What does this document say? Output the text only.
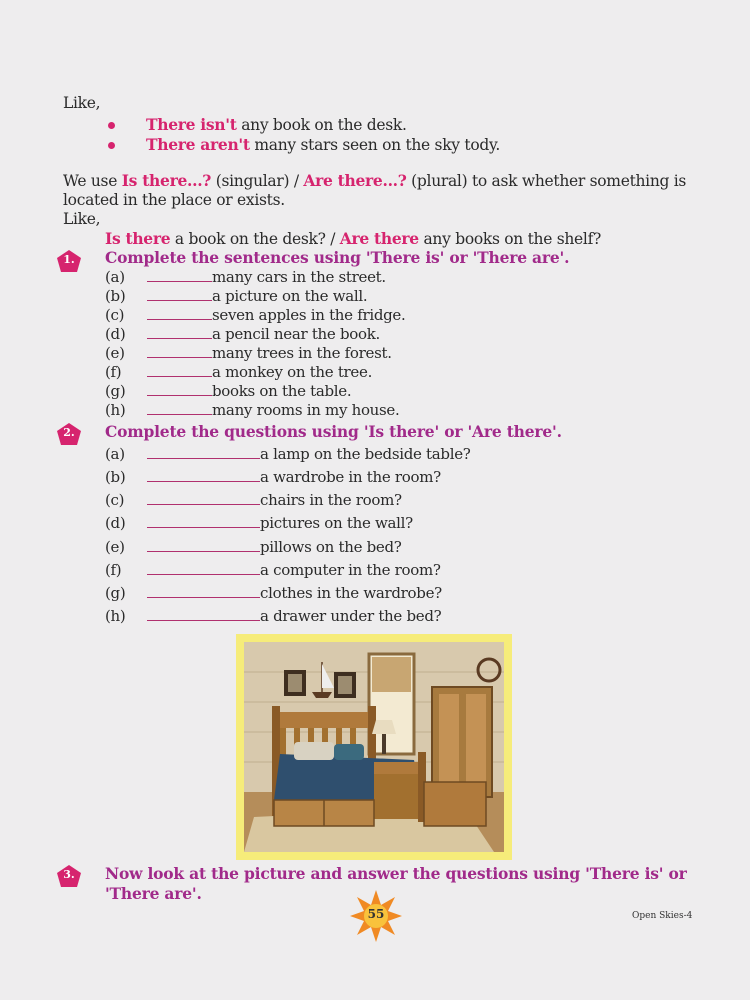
Like,
There isn't any book on the desk.
There aren't many stars seen on the sky tody.
We use Is there...? (singular) / Are there...? (plural) to ask whether something is
located in the place or exists.
Like,
Is there a book on the desk? / Are there any books on the shelf?
1.	Complete the sentences using 'There is' or 'There are'.
(a)	many cars in the street.
(b)	a picture on the wall.
(c)	seven apples in the fridge.
(d)	a pencil near the book.
(e)	many trees in the forest.
(f)	a monkey on the tree.
(g)	books on the table.
(h)	many rooms in my house.
2.	Complete the questions using 'Is there' or 'Are there'.
(a)	a lamp on the bedside table?
(b)	a wardrobe in the room?
(c)	chairs in the room?
(d)	pictures on the wall?
(e)	pillows on the bed?
(f)	a computer in the room?
(g)	clothes in the wardrobe?
(h)	a drawer under the bed?
3.	Now look at the picture and answer the questions using 'There is' or
'There are'.
55	Open Skies-4
